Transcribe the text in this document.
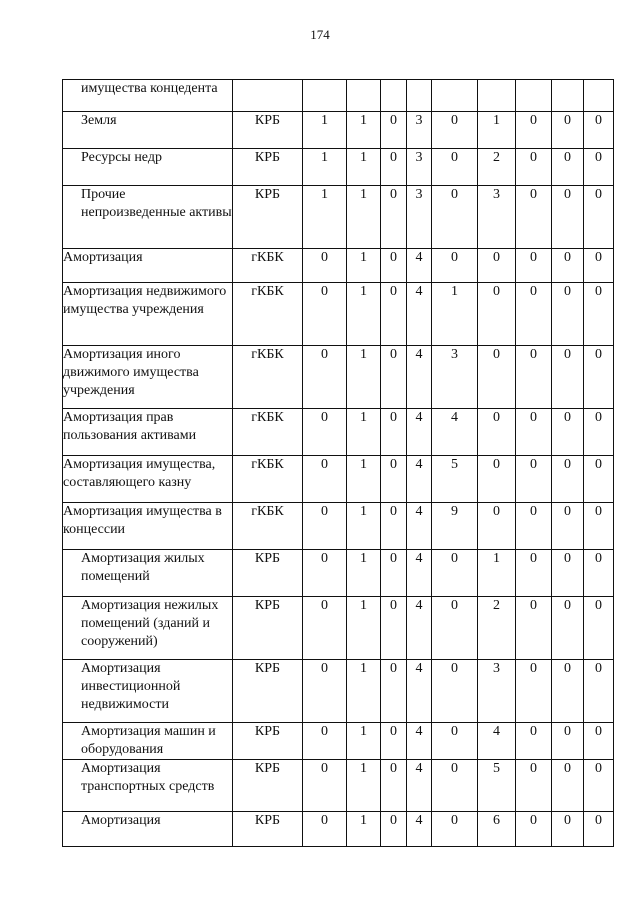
174
имущества концедента										
Земля	КРБ	1	1	0	3	0	1	0	0	0
Ресурсы недр	КРБ	1	1	0	3	0	2	0	0	0
Прочие непроизведенные активы	КРБ	1	1	0	3	0	3	0	0	0
Амортизация	гКБК	0	1	0	4	0	0	0	0	0
Амортизация недвижимого имущества учреждения	гКБК	0	1	0	4	1	0	0	0	0
Амортизация иного движимого имущества учреждения	гКБК	0	1	0	4	3	0	0	0	0
Амортизация прав пользования активами	гКБК	0	1	0	4	4	0	0	0	0
Амортизация имущества, составляющего казну	гКБК	0	1	0	4	5	0	0	0	0
Амортизация имущества в концессии	гКБК	0	1	0	4	9	0	0	0	0
Амортизация жилых помещений	КРБ	0	1	0	4	0	1	0	0	0
Амортизация нежилых помещений (зданий и сооружений)	КРБ	0	1	0	4	0	2	0	0	0
Амортизация инвестиционной недвижимости	КРБ	0	1	0	4	0	3	0	0	0
Амортизация машин и оборудования	КРБ	0	1	0	4	0	4	0	0	0
Амортизация транспортных средств	КРБ	0	1	0	4	0	5	0	0	0
Амортизация	КРБ	0	1	0	4	0	6	0	0	0
